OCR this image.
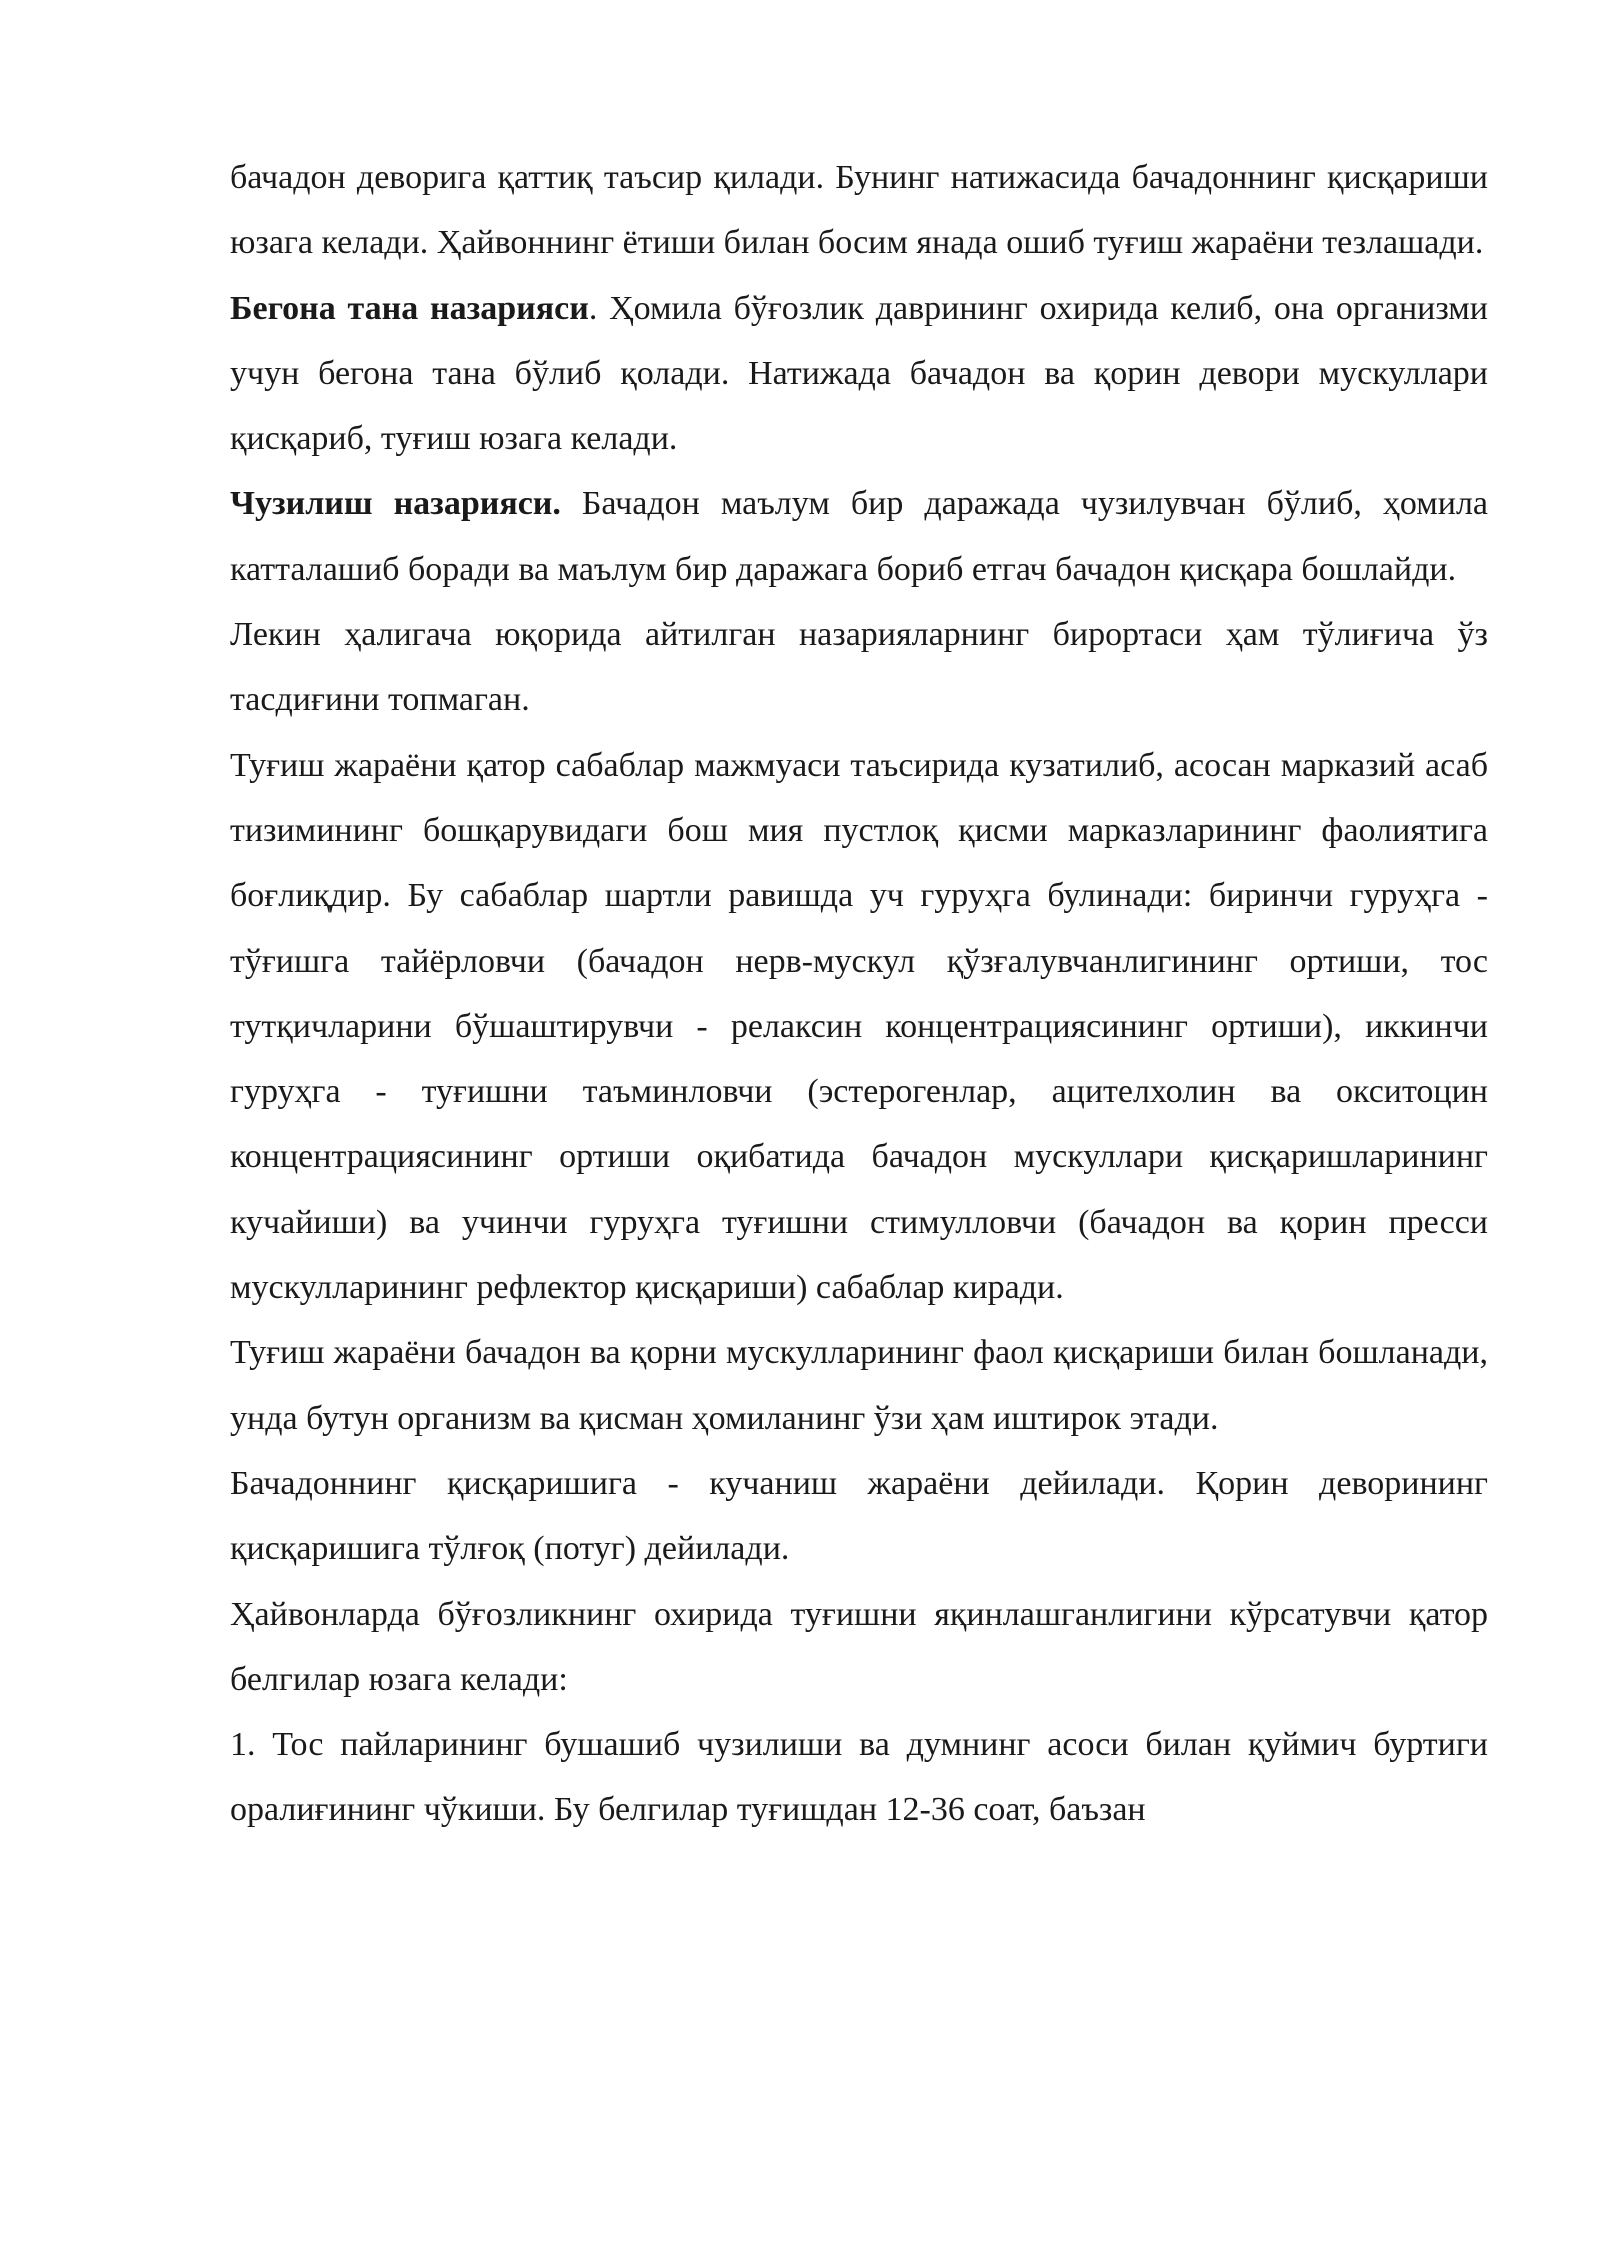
бачадон деворига қаттиқ таъсир қилади. Бунинг натижасида бачадоннинг қисқариши юзага келади. Ҳайвоннинг ётиши билан босим янада ошиб туғиш жараёни тезлашади.

Бегона тана назарияси. Ҳомила бўғозлик даврининг охирида келиб, она организми учун бегона тана бўлиб қолади. Натижада бачадон ва қорин девори мускуллари қисқариб, туғиш юзага келади.

Чузилиш назарияси. Бачадон маълум бир даражада чузилувчан бўлиб, ҳомила катталашиб боради ва маълум бир даражага бориб етгач бачадон қисқара бошлайди.

Лекин ҳалигача юқорида айтилган назарияларнинг бирортаси ҳам тўлиғича ўз тасдиғини топмаган.

Туғиш жараёни қатор сабаблар мажмуаси таъсирида кузатилиб, асосан марказий асаб тизимининг бошқарувидаги бош мия пустлоқ қисми марказларининг фаолиятига боғлиқдир. Бу сабаблар шартли равишда уч гуруҳга булинади: биринчи гуруҳга - тўғишга тайёрловчи (бачадон нерв-мускул қўзғалувчанлигининг ортиши, тос тутқичларини бўшаштирувчи - релаксин концентрациясининг ортиши), иккинчи гуруҳга - туғишни таъминловчи (эстерогенлар, ацителхолин ва окситоцин концентрациясининг ортиши оқибатида бачадон мускуллари қисқаришларининг кучайиши) ва учинчи гуруҳга туғишни стимулловчи (бачадон ва қорин пресси мускулларининг рефлектор қисқариши) сабаблар киради.

Туғиш жараёни бачадон ва қорни мускулларининг фаол қисқариши билан бошланади, унда бутун организм ва қисман ҳомиланинг ўзи ҳам иштирок этади.

Бачадоннинг қисқаришига - кучаниш жараёни дейилади. Қорин деворининг қисқаришига тўлғоқ (потуг) дейилади.

Ҳайвонларда бўғозликнинг охирида туғишни яқинлашганлигини кўрсатувчи қатор белгилар юзага келади:

1. Тос пайларининг бушашиб чузилиши ва думнинг асоси билан қуймич буртиги оралиғининг чўкиши. Бу белгилар туғишдан 12-36 соат, баъзан
